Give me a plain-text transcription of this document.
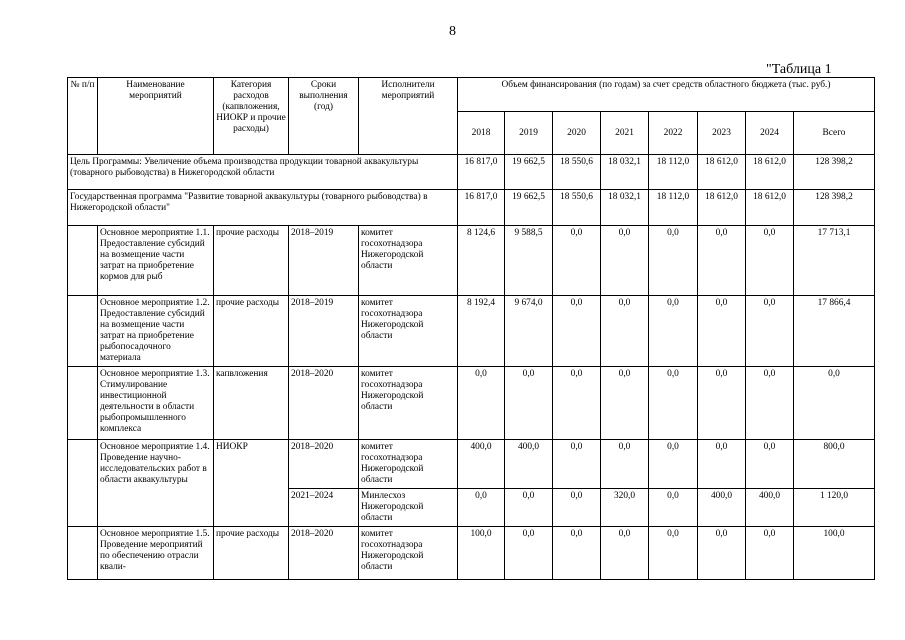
8
"Таблица 1
№ п/п	Наименование мероприятий	Категория расходов (капвложения, НИОКР и прочие расходы)	Сроки выполнения (год)	Исполнители мероприятий	Объем финансирования (по годам) за счет средств областного бюджета (тыс. руб.)							
					2018	2019	2020	2021	2022	2023	2024	Всего
Цель Программы: Увеличение объема производства продукции товарной аквакультуры (товарного рыбоводства) в Нижегородской области					16 817,0	19 662,5	18 550,6	18 032,1	18 112,0	18 612,0	18 612,0	128 398,2
Государственная программа "Развитие товарной аквакультуры (товарного рыбоводства) в Нижегородской области"					16 817,0	19 662,5	18 550,6	18 032,1	18 112,0	18 612,0	18 612,0	128 398,2
	Основное мероприятие 1.1. Предоставление субсидий на возмещение части затрат на приобретение кормов для рыб	прочие расходы	2018–2019	комитет госохотнадзора Нижегородской области	8 124,6	9 588,5	0,0	0,0	0,0	0,0	0,0	17 713,1
	Основное мероприятие 1.2. Предоставление субсидий на возмещение части затрат на приобретение рыбопосадочного материала	прочие расходы	2018–2019	комитет госохотнадзора Нижегородской области	8 192,4	9 674,0	0,0	0,0	0,0	0,0	0,0	17 866,4
	Основное мероприятие 1.3. Стимулирование инвестиционной деятельности в области рыбопромышленного комплекса	капвложения	2018–2020	комитет госохотнадзора Нижегородской области	0,0	0,0	0,0	0,0	0,0	0,0	0,0	0,0
	Основное мероприятие 1.4. Проведение научно-исследовательских работ в области аквакультуры	НИОКР	2018–2020	комитет госохотнадзора Нижегородской области	400,0	400,0	0,0	0,0	0,0	0,0	0,0	800,0
			2021–2024	Минлесхоз Нижегородской области	0,0	0,0	0,0	320,0	0,0	400,0	400,0	1 120,0
	Основное мероприятие 1.5. Проведение мероприятий по обеспечению отрасли квали-	прочие расходы	2018–2020	комитет госохотнадзора Нижегородской области	100,0	0,0	0,0	0,0	0,0	0,0	0,0	100,0
